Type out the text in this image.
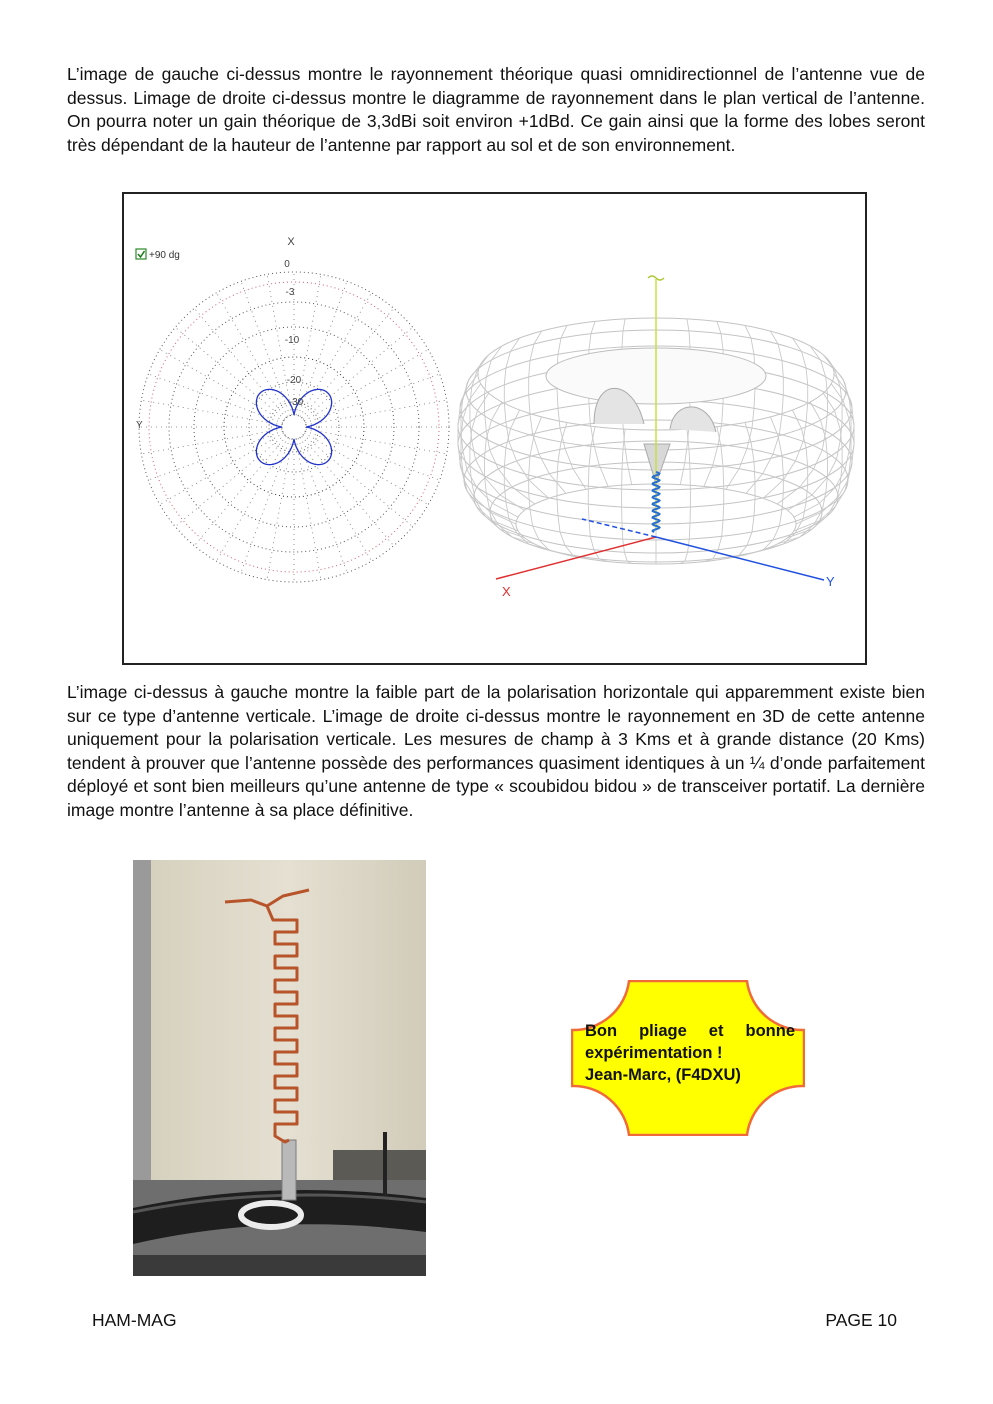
L’image de gauche ci-dessus montre le rayonnement théorique quasi omnidirectionnel de l’antenne vue de dessus. Limage de droite ci-dessus montre le diagramme de rayonnement dans le plan vertical de l’antenne. On pourra noter un gain théorique de 3,3dBi soit environ +1dBd. Ce gain ainsi que la forme des lobes seront très dépendant de la hauteur de l’antenne par rapport au sol et de son environnement.

+90 dg
X
Y
0
-3
-10
-20
-30
X
Y

L’image ci-dessus à gauche montre la faible part de la polarisation horizontale qui apparemment existe bien sur ce type d’antenne verticale. L’image de droite ci-dessus montre le rayonnement en 3D de cette antenne uniquement pour la polarisation verticale. Les mesures de champ à 3 Kms et à grande distance (20 Kms) tendent à prouver que l’antenne possède des performances quasiment identiques à un ¼ d’onde parfaitement déployé et sont bien meilleurs qu’une antenne de type « scoubidou bidou » de transceiver portatif. La dernière image montre l’antenne à sa place définitive.

Bon pliage et bonne
expérimentation !
Jean-Marc, (F4DXU)
HAM-MAG	PAGE 10
